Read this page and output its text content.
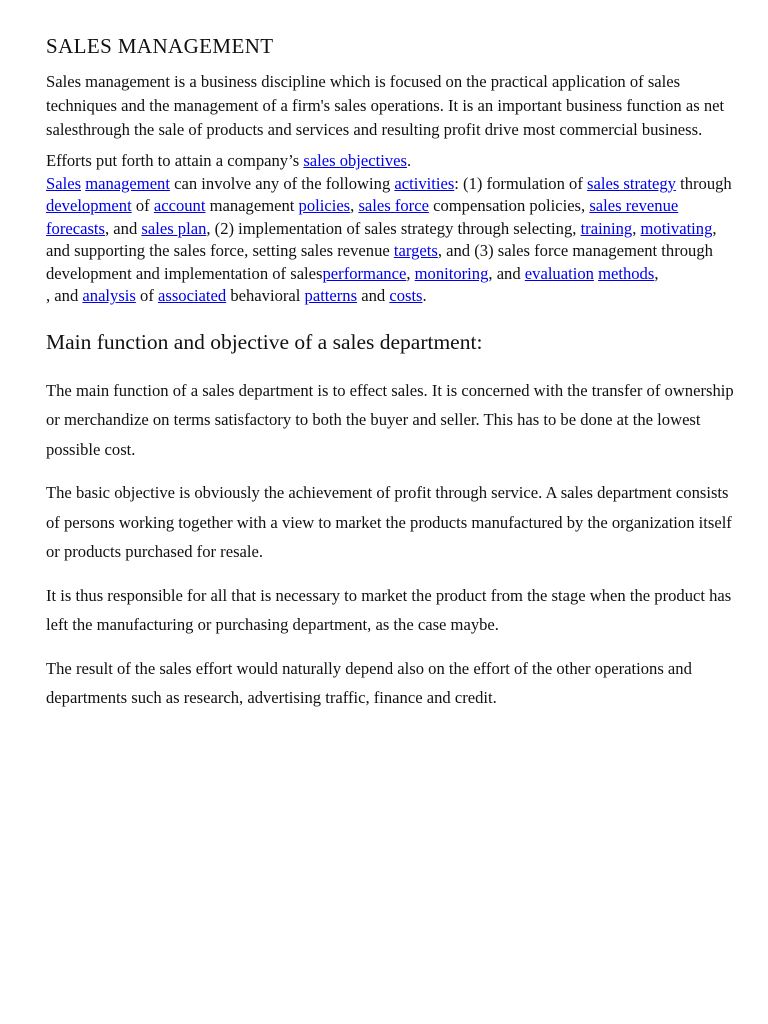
SALES MANAGEMENT

Sales management is a business discipline which is focused on the practical application of sales techniques and the management of a firm's sales operations. It is an important business function as net salesthrough the sale of products and services and resulting profit drive most commercial business.

Efforts put forth to attain a company’s sales objectives.
Sales management can involve any of the following activities: (1) formulation of sales strategy through development of account management policies, sales force compensation policies, sales revenue forecasts, and sales plan, (2) implementation of sales strategy through selecting, training, motivating, and supporting the sales force, setting sales revenue targets, and (3) sales force management through development and implementation of salesperformance, monitoring, and evaluation methods,
, and analysis of associated behavioral patterns and costs.

Main function and objective of a sales department:

The main function of a sales department is to effect sales. It is concerned with the transfer of ownership or merchandize on terms satisfactory to both the buyer and seller. This has to be done at the lowest possible cost.

The basic objective is obviously the achievement of profit through service. A sales department consists of persons working together with a view to market the products manufactured by the organization itself or products purchased for resale.

It is thus responsible for all that is necessary to market the product from the stage when the product has left the manufacturing or purchasing department, as the case maybe.

The result of the sales effort would naturally depend also on the effort of the other operations and departments such as research, advertising traffic, finance and credit.
